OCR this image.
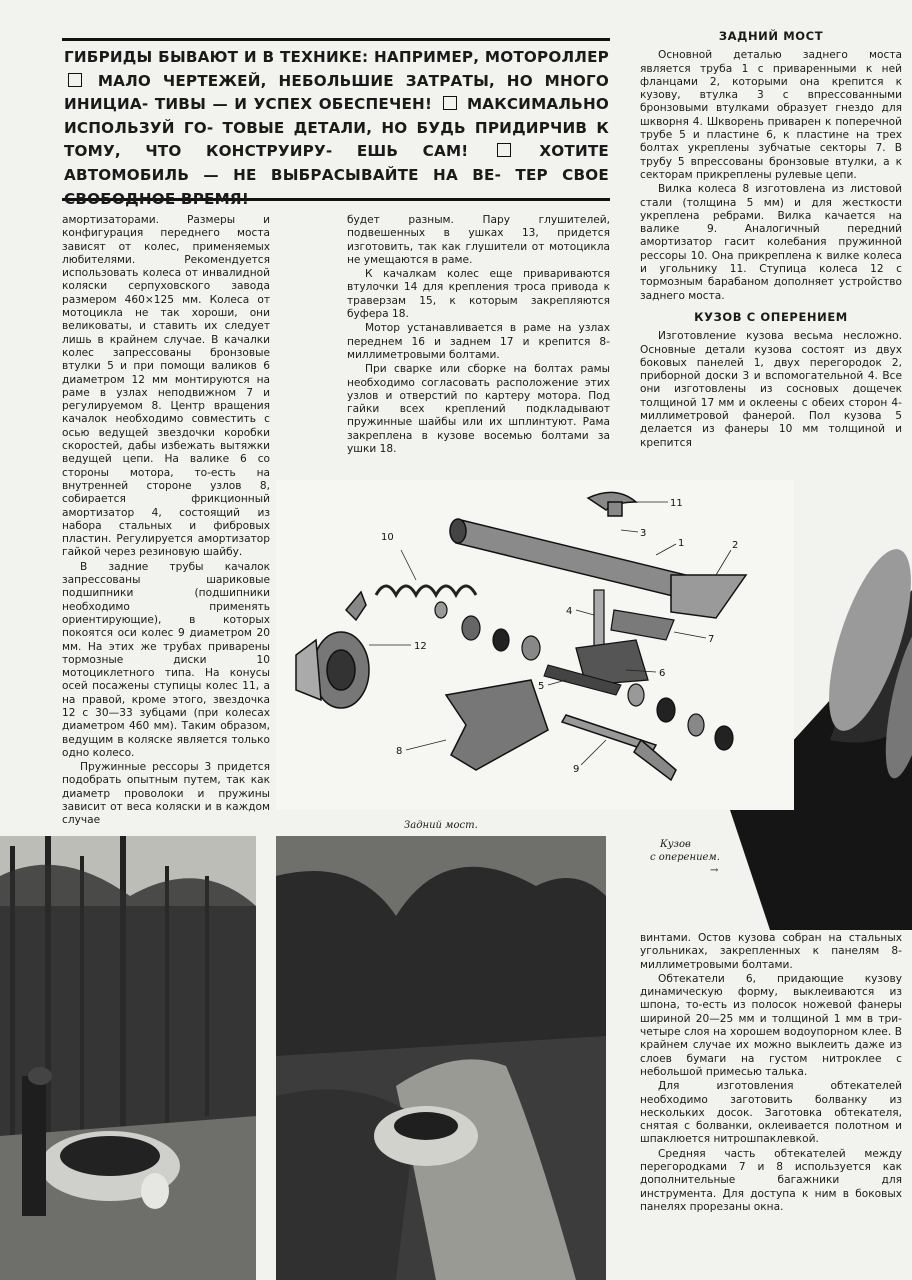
ГИБРИДЫ БЫВАЮТ И В ТЕХНИКЕ: НАПРИМЕР, МОТОРОЛЛЕР  МАЛО ЧЕРТЕЖЕЙ, НЕБОЛЬШИЕ ЗАТРАТЫ, НО МНОГО ИНИЦИА- ТИВЫ — И УСПЕХ ОБЕСПЕЧЕН! МАКСИМАЛЬНО ИСПОЛЬЗУЙ ГО- ТОВЫЕ ДЕТАЛИ, НО БУДЬ ПРИДИРЧИВ К ТОМУ, ЧТО КОНСТРУИРУ- ЕШЬ САМ!	ХОТИТЕ АВТОМОБИЛЬ — НЕ ВЫБРАСЫВАЙТЕ НА ВЕ- ТЕР СВОЕ СВОБОДНОЕ ВРЕМЯ!

амортизаторами. Размеры и конфигурация переднего моста зависят от колес, применяемых любителями. Рекомендуется использовать колеса от инвалидной коляски серпуховского завода размером 460×125 мм. Колеса от мотоцикла не так хороши, они великоваты, и ставить их следует лишь в крайнем случае. В качалки колес запрессованы бронзовые втулки 5 и при помощи валиков 6 диаметром 12 мм монтируются на раме в узлах неподвижном 7 и регулируемом 8. Центр вращения качалок необходимо совместить с осью ведущей звездочки коробки скоростей, дабы избежать вытяжки ведущей цепи. На валике 6 со стороны мотора, то-есть на внутренней стороне узлов 8, собирается фрикционный амортизатор 4, состоящий из набора стальных и фибровых пластин. Регулируется амортизатор гайкой через резиновую шайбу.

В задние трубы качалок запрессованы шариковые подшипники (подшипники необходимо применять ориентирующие), в которых покоятся оси колес 9 диаметром 20 мм. На этих же трубах приварены тормозные диски 10 мотоциклетного типа. На конусы осей посажены ступицы колес 11, а на правой, кроме этого, звездочка 12 с 30—33 зубцами (при колесах диаметром 460 мм). Таким образом, ведущим в коляске является только одно колесо.

Пружинные рессоры 3 придется подобрать опытным путем, так как диаметр проволоки и пружины зависит от веса коляски и в каждом случае

будет разным. Пару глушителей, подвешенных в ушках 13, придется изготовить, так как глушители от мотоцикла не умещаются в раме.

К качалкам колес еще привариваются втулочки 14 для крепления троса привода к траверзам 15, к которым закрепляются буфера 18.

Мотор устанавливается в раме на узлах переднем 16 и заднем 17 и крепится 8-миллиметровыми болтами.

При сварке или сборке на болтах рамы необходимо согласовать расположение этих узлов и отверстий по картеру мотора. Под гайки всех креплений подкладывают пружинные шайбы или их шплинтуют. Рама закреплена в кузове восемью болтами за ушки 18.

ЗАДНИЙ МОСТ

Основной деталью заднего моста является труба 1 с приваренными к ней фланцами 2, которыми она крепится к кузову, втулка 3 с впрессованными бронзовыми втулками образует гнездо для шкворня 4. Шкворень приварен к поперечной трубе 5 и пластине 6, к пластине на трех болтах укреплены зубчатые секторы 7. В трубу 5 впрессованы бронзовые втулки, а к секторам прикреплены рулевые цепи.

Вилка колеса 8 изготовлена из листовой стали (толщина 5 мм) и для жесткости укреплена ребрами. Вилка качается на валике 9. Аналогичный передний амортизатор гасит колебания пружинной рессоры 10. Она прикреплена к вилке колеса и угольнику 11. Ступица колеса 12 с тормозным барабаном дополняет устройство заднего моста.

КУЗОВ С ОПЕРЕНИЕМ

Изготовление кузова весьма несложно. Основные детали кузова состоят из двух боковых панелей 1, двух перегородок 2, приборной доски 3 и вспомогательной 4. Все они изготовлены из сосновых дощечек толщиной 17 мм и оклеены с обеих сторон 4-миллиметровой фанерой. Пол кузова 5 делается из фанеры 10 мм толщиной и крепится

11
3
1	2
10
4
7
12
6
5
8
9
Задний мост.
Кузов
с оперением.
→

винтами. Остов кузова собран на стальных угольниках, закрепленных к панелям 8-миллиметровыми болтами.

Обтекатели 6, придающие кузову динамическую форму, выклеиваются из шпона, то-есть из полосок ножевой фанеры шириной 20—25 мм и толщиной 1 мм в три-четыре слоя на хорошем водоупорном клее. В крайнем случае их можно выклеить даже из слоев бумаги на густом нитроклее с небольшой примесью талька.

Для изготовления обтекателей необходимо заготовить болванку из нескольких досок. Заготовка обтекателя, снятая с болванки, оклеивается полотном и шпаклюется нитрошпаклевкой.

Средняя часть обтекателей между перегородками 7 и 8 используется как дополнительные багажники для инструмента. Для доступа к ним в боковых панелях прорезаны окна.
